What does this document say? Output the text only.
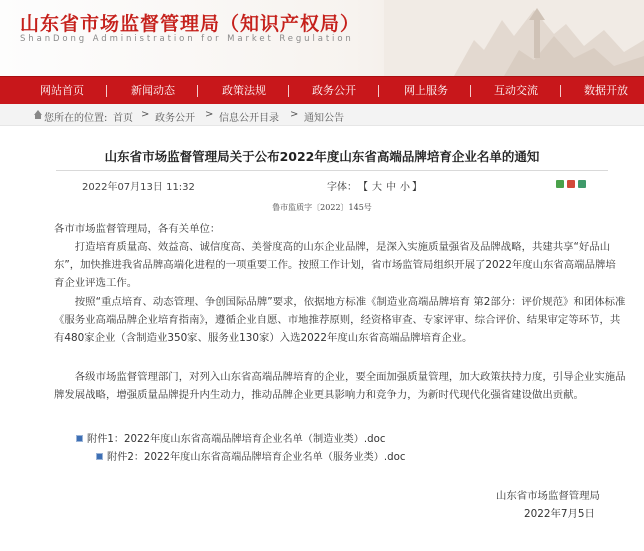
山东省市场监督管理局（知识产权局）
ShanDong Administration for Market Regulation
网站首页	新闻动态	政策法规	政务公开	网上服务	互动交流	数据开放
您所在的位置: 首页 > 政务公开 > 信息公开目录 > 通知公告
山东省市场监督管理局关于公布2022年度山东省高端品牌培育企业名单的通知
2022年07月13日 11:32	字体： 【 大 中 小 】
鲁市监质字〔2022〕145号
各市市场监督管理局，各有关单位：
打造培育质量高、效益高、诚信度高、美誉度高的山东企业品牌，是深入实施质量强省及品牌战略，共建共享“好品山东”，加快推进我省品牌高端化进程的一项重要工作。按照工作计划，省市场监管局组织开展了2022年度山东省高端品牌培育企业评选工作。
按照“重点培育、动态管理、争创国际品牌”要求，依据地方标准《制造业高端品牌培育 第2部分：评价规范》和团体标准《服务业高端品牌企业培育指南》，遵循企业自愿、市地推荐原则，经资格审查、专家评审、综合评价、结果审定等环节，共有480家企业（含制造业350家、服务业130家）入选2022年度山东省高端品牌培育企业。
各级市场监督管理部门，对列入山东省高端品牌培育的企业，要全面加强质量管理，加大政策扶持力度，引导企业实施品牌发展战略，增强质量品牌提升内生动力，推动品牌企业更具影响力和竞争力，为新时代现代化强省建设做出贡献。
附件1：2022年度山东省高端品牌培育企业名单（制造业类）.doc
附件2：2022年度山东省高端品牌培育企业名单（服务业类）.doc
山东省市场监督管理局
2022年7月5日
